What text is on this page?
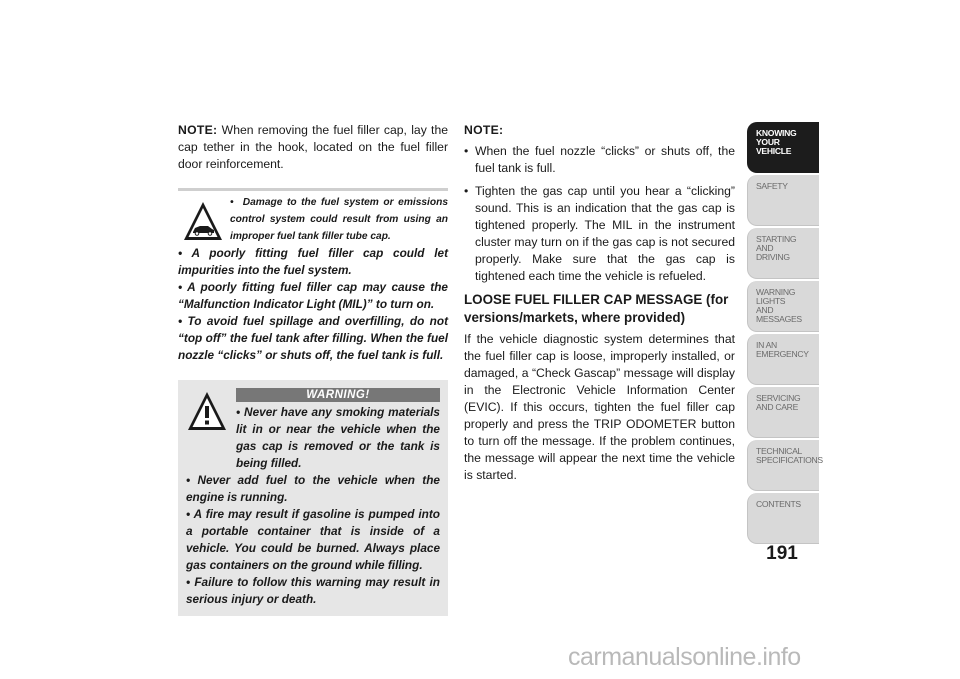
NOTE: When removing the fuel filler cap, lay the cap tether in the hook, located on the fuel filler door reinforcement.

• Damage to the fuel system or emissions control system could result from using an improper fuel tank filler tube cap.

• A poorly fitting fuel filler cap could let impurities into the fuel system.

• A poorly fitting fuel filler cap may cause the “Malfunction Indicator Light (MIL)” to turn on.

• To avoid fuel spillage and overfilling, do not “top off” the fuel tank after filling. When the fuel nozzle “clicks” or shuts off, the fuel tank is full.

WARNING!

• Never have any smoking materials lit in or near the vehicle when the gas cap is removed or the tank is being filled.

• Never add fuel to the vehicle when the engine is running.

• A fire may result if gasoline is pumped into a portable container that is inside of a vehicle. You could be burned. Always place gas containers on the ground while filling.

• Failure to follow this warning may result in serious injury or death.

NOTE:

• When the fuel nozzle “clicks” or shuts off, the fuel tank is full.
• Tighten the gas cap until you hear a “clicking” sound. This is an indication that the gas cap is tightened properly. The MIL in the instrument cluster may turn on if the gas cap is not secured properly. Make sure that the gas cap is tightened each time the vehicle is refueled.
LOOSE FUEL FILLER CAP MESSAGE (for versions/markets, where provided)

If the vehicle diagnostic system determines that the fuel filler cap is loose, improperly installed, or damaged, a “Check Gascap” message will display in the Electronic Vehicle Information Center (EVIC). If this occurs, tighten the fuel filler cap properly and press the TRIP ODOMETER button to turn off the message. If the problem continues, the message will appear the next time the vehicle is started.

KNOWING
YOUR
VEHICLE
SAFETY
STARTING
AND
DRIVING
WARNING
LIGHTS
AND
MESSAGES
IN AN
EMERGENCY
SERVICING
AND CARE
TECHNICAL
SPECIFICATIONS
CONTENTS
191
carmanualsonline.info
